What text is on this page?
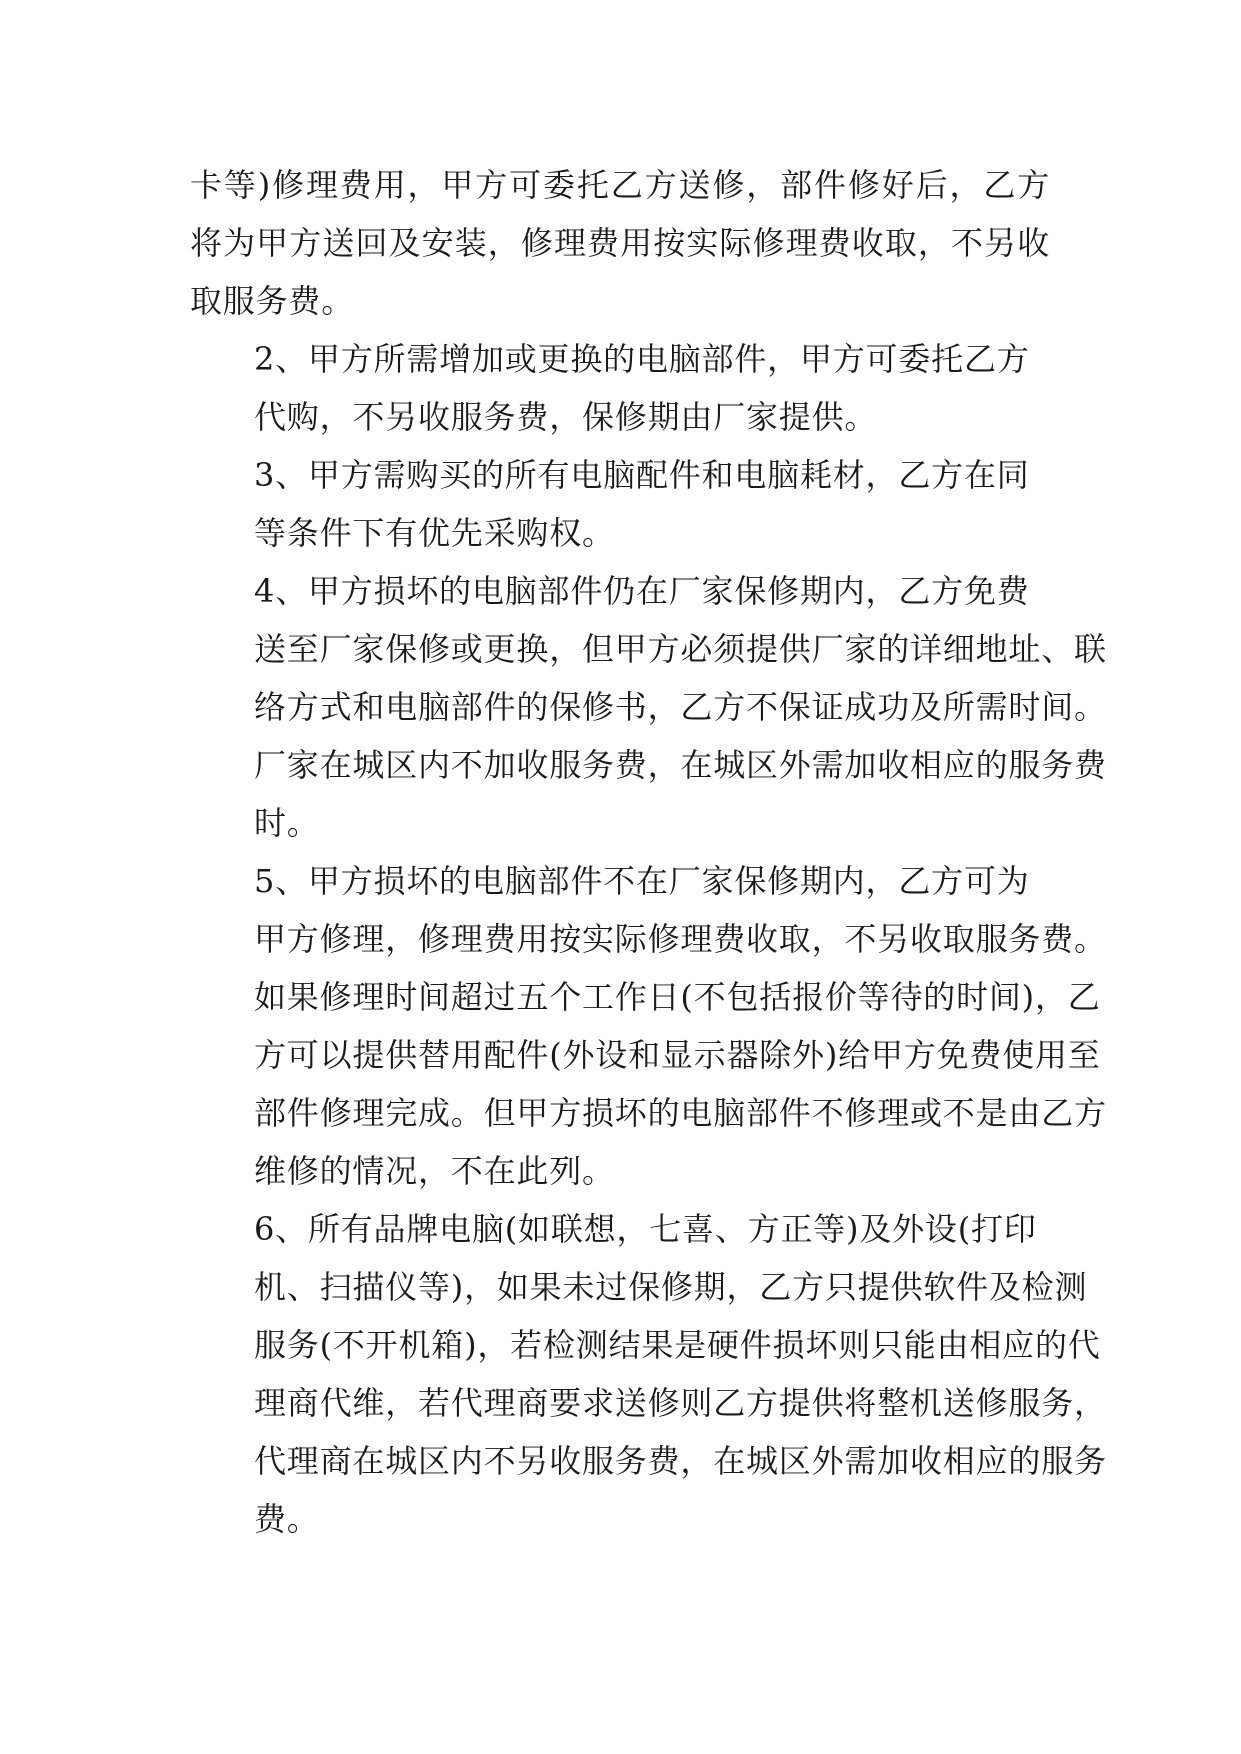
卡等)修理费用，甲方可委托乙方送修，部件修好后，乙方
将为甲方送回及安装，修理费用按实际修理费收取，不另收
取服务费。

2、甲方所需增加或更换的电脑部件，甲方可委托乙方
代购，不另收服务费，保修期由厂家提供。

3、甲方需购买的所有电脑配件和电脑耗材，乙方在同
等条件下有优先采购权。

4、甲方损坏的电脑部件仍在厂家保修期内，乙方免费
送至厂家保修或更换，但甲方必须提供厂家的详细地址、联
络方式和电脑部件的保修书，乙方不保证成功及所需时间。
厂家在城区内不加收服务费，在城区外需加收相应的服务费
时。

5、甲方损坏的电脑部件不在厂家保修期内，乙方可为
甲方修理，修理费用按实际修理费收取，不另收取服务费。
如果修理时间超过五个工作日(不包括报价等待的时间)，乙
方可以提供替用配件(外设和显示器除外)给甲方免费使用至
部件修理完成。但甲方损坏的电脑部件不修理或不是由乙方
维修的情况，不在此列。

6、所有品牌电脑(如联想，七喜、方正等)及外设(打印
机、扫描仪等)，如果未过保修期，乙方只提供软件及检测
服务(不开机箱)，若检测结果是硬件损坏则只能由相应的代
理商代维，若代理商要求送修则乙方提供将整机送修服务，
代理商在城区内不另收服务费，在城区外需加收相应的服务
费。
